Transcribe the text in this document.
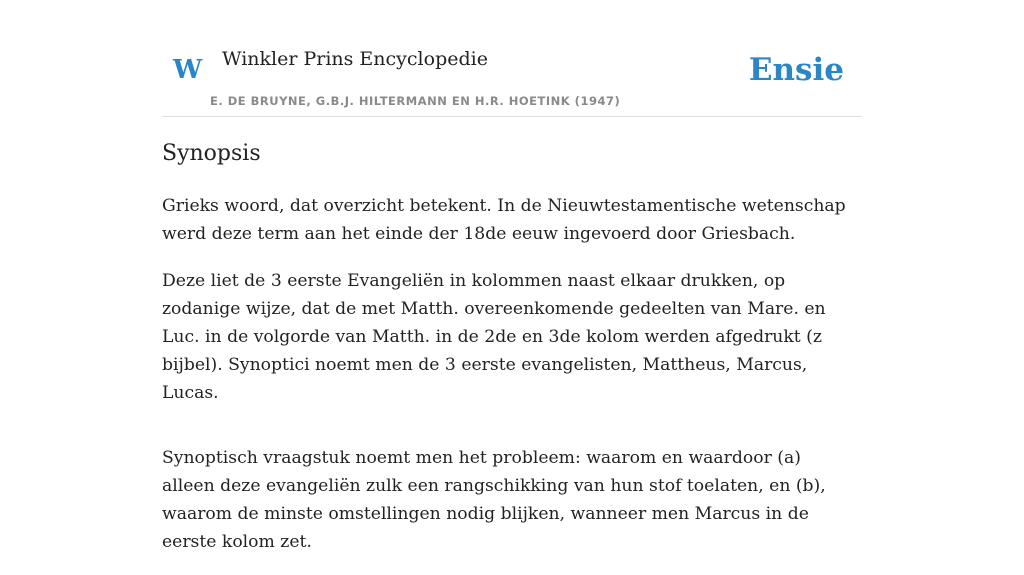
W Winkler Prins Encyclopedie
E. DE BRUYNE, G.B.J. HILTERMANN EN H.R. HOETINK (1947)
Ensie
Synopsis

Grieks woord, dat overzicht betekent. In de Nieuwtestamentische wetenschap werd deze term aan het einde der 18de eeuw ingevoerd door Griesbach.

Deze liet de 3 eerste Evangeliën in kolommen naast elkaar drukken, op zodanige wijze, dat de met Matth. overeenkomende gedeelten van Mare. en Luc. in de volgorde van Matth. in de 2de en 3de kolom werden afgedrukt (z bijbel). Synoptici noemt men de 3 eerste evangelisten, Mattheus, Marcus, Lucas.

Synoptisch vraagstuk noemt men het probleem: waarom en waardoor (a) alleen deze evangeliën zulk een rangschikking van hun stof toelaten, en (b), waarom de minste omstellingen nodig blijken, wanneer men Marcus in de eerste kolom zet.
